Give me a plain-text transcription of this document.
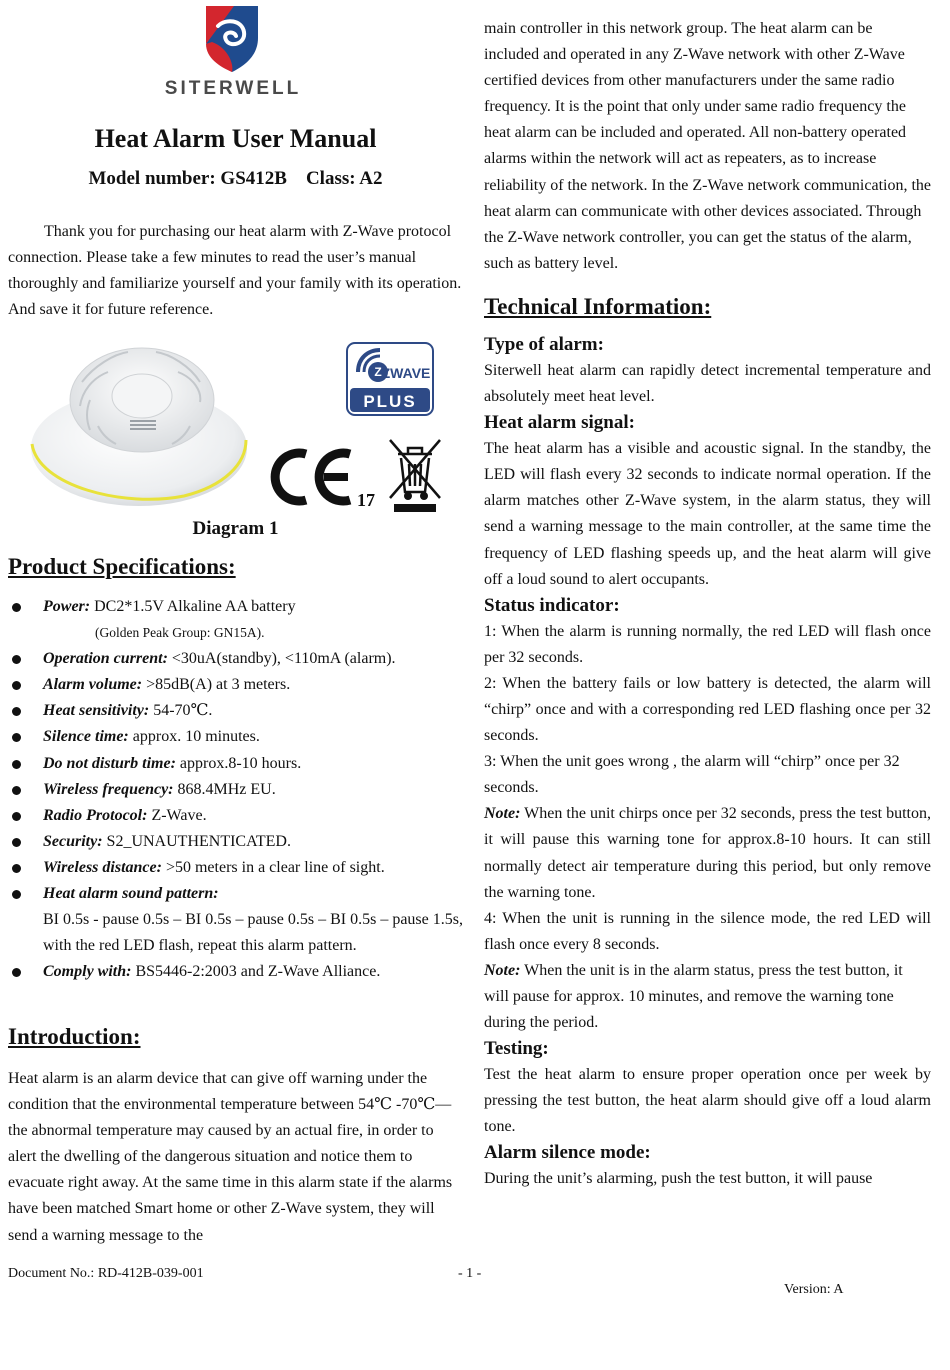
SITERWELL
Heat Alarm User Manual
Model number: GS412B    Class: A2

Thank you for purchasing our heat alarm with Z-Wave protocol connection. Please take a few minutes to read the user’s manual thoroughly and familiarize yourself and your family with its operation. And save it for future reference.

Z ZWAVE
PLUS
17
Diagram 1
Product Specifications:
Power: DC2*1.5V Alkaline AA battery
(Golden Peak Group: GN15A).
Operation current: <30uA(standby), <110mA (alarm).
Alarm volume: >85dB(A) at 3 meters.
Heat sensitivity: 54-70℃.
Silence time: approx. 10 minutes.
Do not disturb time: approx.8-10 hours.
Wireless frequency: 868.4MHz EU.
Radio Protocol: Z-Wave.
Security: S2_UNAUTHENTICATED.
Wireless distance: >50 meters in a clear line of sight.
Heat alarm sound pattern:
BI 0.5s - pause 0.5s – BI 0.5s – pause 0.5s – BI 0.5s – pause 1.5s, with the red LED flash, repeat this alarm pattern.
Comply with: BS5446-2:2003 and Z-Wave Alliance.
Introduction:

Heat alarm is an alarm device that can give off warning under the condition that the environmental temperature between 54℃ -70℃—the abnormal temperature may caused by an actual fire, in order to alert the dwelling of the dangerous situation and notice them to evacuate right away. At the same time in this alarm state if the alarms have been matched Smart home or other Z-Wave system, they will send a warning message to the

main controller in this network group. The heat alarm can be included and operated in any Z-Wave network with other Z-Wave certified devices from other manufacturers under the same radio frequency. It is the point that only under same radio frequency the heat alarm can be included and operated. All non-battery operated alarms within the network will act as repeaters, as to increase reliability of the network. In the Z-Wave network communication, the heat alarm can communicate with other devices associated. Through the Z-Wave network controller, you can get the status of the alarm, such as battery level.

Technical Information:

Type of alarm:

Siterwell heat alarm can rapidly detect incremental temperature and absolutely meet heat level.

Heat alarm signal:

The heat alarm has a visible and acoustic signal. In the standby, the LED will flash every 32 seconds to indicate normal operation. If the alarm matches other Z-Wave system, in the alarm status, they will send a warning message to the main controller, at the same time the frequency of LED flashing speeds up, and the heat alarm will give off a loud sound to alert occupants.

Status indicator:

1: When the alarm is running normally, the red LED will flash once per 32 seconds.

2: When the battery fails or low battery is detected, the alarm will “chirp” once and with a corresponding red LED flashing once per 32 seconds.

3: When the unit goes wrong , the alarm will “chirp” once per 32 seconds.

Note: When the unit chirps once per 32 seconds, press the test button, it will pause this warning tone for approx.8-10 hours. It can still normally detect air temperature during this period, but only remove the warning tone.

4: When the unit is running in the silence mode, the red LED will flash once every 8 seconds.

Note: When the unit is in the alarm status, press the test button, it will pause for approx. 10 minutes, and remove the warning tone during the period.

Testing:

Test the heat alarm to ensure proper operation once per week by pressing the test button, the heat alarm should give off a loud alarm tone.

Alarm silence mode:

During the unit’s alarming, push the test button, it will pause

Document No.: RD-412B-039-001	- 1 -
Version: A
